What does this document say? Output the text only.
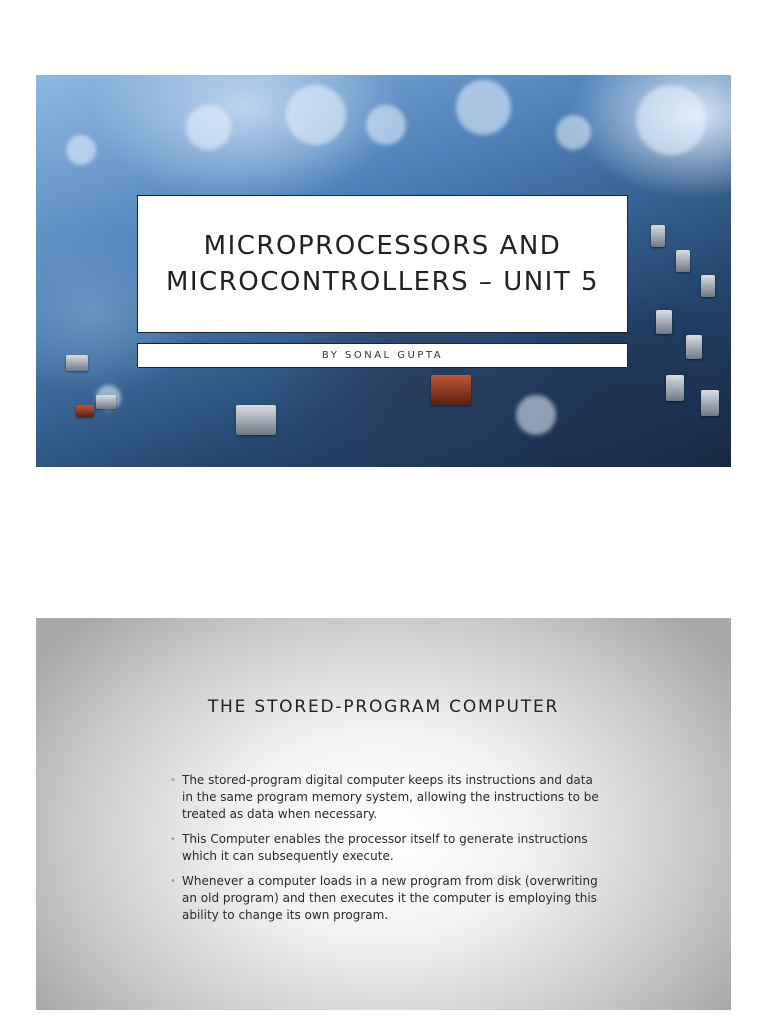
MICROPROCESSORS AND
MICROCONTROLLERS – UNIT 5
BY SONAL GUPTA
THE STORED-PROGRAM COMPUTER
• The stored-program digital computer keeps its instructions and data in the same program memory system, allowing the instructions to be treated as data when necessary.
• This Computer enables the processor itself to generate instructions which it can subsequently execute.
• Whenever a computer loads in a new program from disk (overwriting an old program) and then executes it the computer is employing this ability to change its own program.
